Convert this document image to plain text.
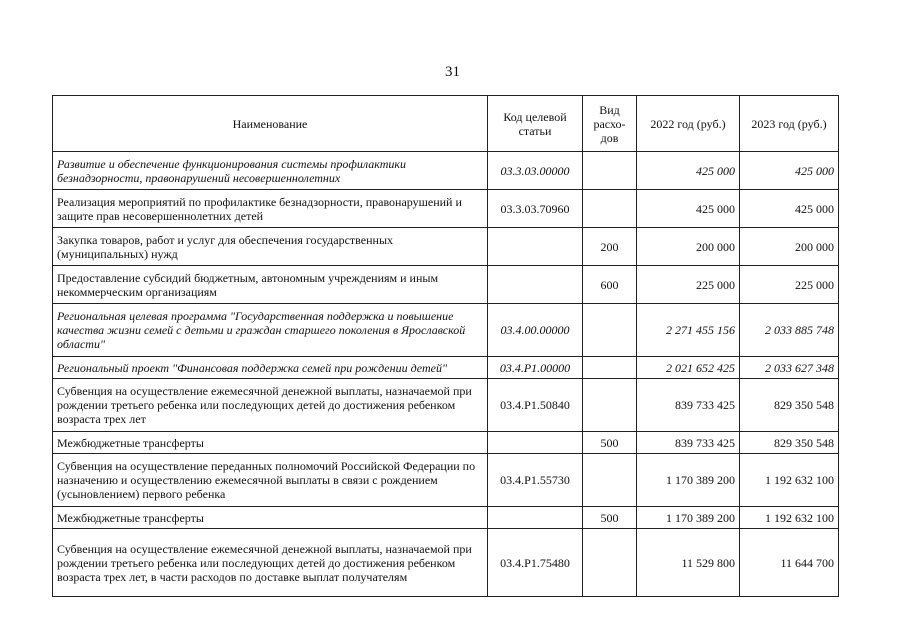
31
Наименование	Код целевой статьи	Вид расхо-дов	2022 год (руб.)	2023 год (руб.)
Развитие и обеспечение функционирования системы профилактики безнадзорности, правонарушений несовершеннолетних	03.3.03.00000		425 000	425 000
Реализация мероприятий по профилактике безнадзорности, правонарушений и защите прав несовершеннолетних детей	03.3.03.70960		425 000	425 000
Закупка товаров, работ и услуг для обеспечения государственных (муниципальных) нужд		200	200 000	200 000
Предоставление субсидий бюджетным, автономным учреждениям и иным некоммерческим организациям		600	225 000	225 000
Региональная целевая программа "Государственная поддержка и повышение качества жизни семей с детьми и граждан старшего поколения в Ярославской области"	03.4.00.00000		2 271 455 156	2 033 885 748
Региональный проект "Финансовая поддержка семей при рождении детей"	03.4.P1.00000		2 021 652 425	2 033 627 348
Субвенция на осуществление ежемесячной денежной выплаты, назначаемой при рождении третьего ребенка или последующих детей до достижения ребенком возраста трех лет	03.4.P1.50840		839 733 425	829 350 548
Межбюджетные трансферты		500	839 733 425	829 350 548
Субвенция на осуществление переданных полномочий Российской Федерации по назначению и осуществлению ежемесячной выплаты в связи с рождением (усыновлением) первого ребенка	03.4.P1.55730		1 170 389 200	1 192 632 100
Межбюджетные трансферты		500	1 170 389 200	1 192 632 100
Субвенция на осуществление ежемесячной денежной выплаты, назначаемой при рождении третьего ребенка или последующих детей до достижения ребенком возраста трех лет, в части расходов по доставке выплат получателям	03.4.P1.75480		11 529 800	11 644 700
